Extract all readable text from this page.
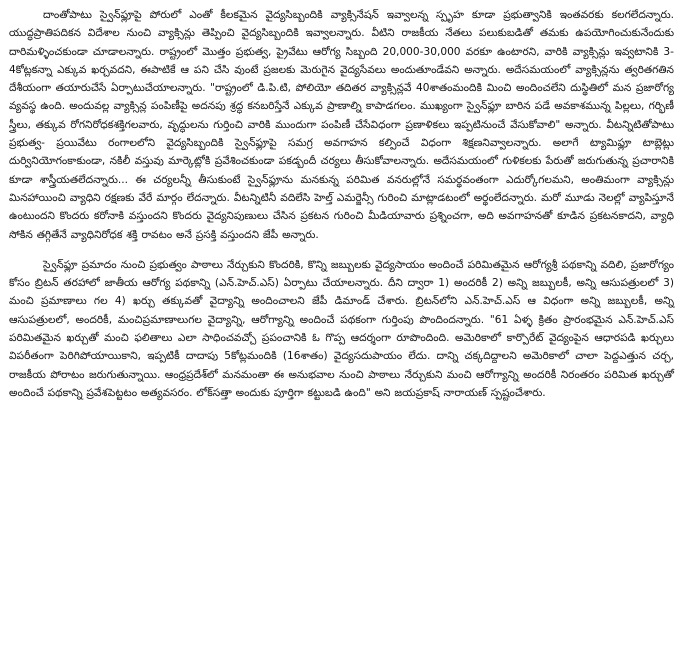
దాంతోపాటు స్వైన్‌ఫ్లూపై పోరులో ఎంతో కీలకమైన వైద్యసిబ్బందికి వ్యాక్సినేషన్ ఇవ్వాలన్న స్పృహ కూడా ప్రభుత్వానికి ఇంతవరకు కలగలేదన్నారు. యుద్ధప్రాతిపదికన విదేశాల నుంచి వ్యాక్సిన్లు తెప్పించి వైద్యసిబ్బందికి ఇవ్వాలన్నారు. వీటిని రాజకీయ నేతలు పలుకుబడితో తమకు ఉపయోగించుకునేందుకు దారిమళ్ళించకుండా చూడాలన్నారు. రాష్ట్రంలో మొత్తం ప్రభుత్వ, ప్రైవేటు ఆరోగ్య సిబ్బంది 20,000-30,000 వరకూ ఉంటారని, వారికి వ్యాక్సిన్లు ఇవ్వటానికి 3-4కోట్లకన్నా ఎక్కువ ఖర్చవదని, ఈపాటికే ఆ పని చేసి వుంటే ప్రజలకు మెరుగైన వైద్యసేవలు అందుతూండేవని అన్నారు. అదేసమయంలో వ్యాక్సిన్లను త్వరితగతిన దేశీయంగా తయారుచేసే ఏర్పాటుచేయాలన్నారు. "రాష్ట్రంలో డి.పి.టి, పోలియో తదితర వ్యాక్సిన్లవే 40శాతంమందికి మించి అందించలేని దుస్థితిలో మన ప్రజారోగ్య వ్యవస్థ ఉంది. అందువల్ల వ్యాక్సిన్ల పంపిణీపై అదనపు శ్రద్ధ కనబరిస్తేనే ఎక్కువ ప్రాణాల్ని కాపాడగలం. ముఖ్యంగా స్వైన్‌ఫ్లూ బారిన పడే అవకాశమున్న పిల్లలు, గర్భిణీ స్త్రీలు, తక్కువ రోగనిరోధకశక్తిగలవారు, వృద్ధులను గుర్తించి వారికి ముందుగా పంపిణీ చేసేవిధంగా ప్రణాళికలు ఇప్పటినుంచే వేసుకోవాలి" అన్నారు. వీటన్నిటితోపాటు ప్రభుత్వ- ప్రయివేటు రంగాలలోని వైద్యసిబ్బందికి స్వైన్‌ఫ్లూపై సమగ్ర అవగాహన కల్పించే విధంగా శిక్షణనివ్వాలన్నారు. అలాగే ట్యామిఫ్లూ టాబ్లెట్లు దుర్వినియోగంకాకుండా, నకిలీ వస్తువు మార్కెట్లోకి ప్రవేశించకుండా పకడ్బందీ చర్యలు తీసుకోవాలన్నారు. అదేసమయంలో గుళికలకు పేరుతో జరుగుతున్న ప్రచారానికి కూడా శాస్త్రీయతలేదన్నారు... ఈ చర్యలన్నీ తీసుకుంటే స్వైన్‌ఫ్లూను మనకున్న పరిమిత వనరుల్లోనే సమర్థవంతంగా ఎదుర్కోగలమని, అంతిమంగా వ్యాక్సిన్లు మినహాయించి వ్యాధిని రక్షణకు వేరే మార్గం లేదన్నారు. వీటన్నిటినీ వదిలేసి హెల్త్ ఎమర్జెన్సీ గురించి మాట్లాడటంలో అర్థంలేదన్నారు. మరో మూడు నెలల్లో వ్యాపిస్తూనే ఉంటుందని కొందరు కరోనాకి వస్తుందని కొందరు వైద్యనిపుణులు చేసిన ప్రకటన గురించి మీడియావారు ప్రశ్నించగా, అది అవగాహనతో కూడిన ప్రకటనకాదని, వ్యాధి సోకిన తగ్గితేనే వ్యాధినిరోధక శక్తి రావటం అనే ప్రసక్తి వస్తుందని జేపీ అన్నారు.

స్వైన్‌ఫ్లూ ప్రమాదం నుంచి ప్రభుత్వం పాఠాలు నేర్చుకుని కొందరికి, కొన్ని జబ్బులకు వైద్యసాయం అందించే పరిమితమైన ఆరోగ్యశ్రీ పథకాన్ని వదిలి, ప్రజారోగ్యం కోసం బ్రిటన్ తరహాలో జాతీయ ఆరోగ్య పథకాన్ని (ఎన్.హెచ్.ఎస్) ఏర్పాటు చేయాలన్నారు. దీని ద్వారా 1) అందరికీ 2) అన్ని జబ్బులకీ, అన్ని ఆసుపత్రులలో 3) మంచి ప్రమాణాలు గల 4) ఖర్చు తక్కువతో వైద్యాన్ని అందించాలని జేపీ డిమాండ్ చేశారు. బ్రిటన్‌లోని ఎన్.హెచ్.ఎస్ ఆ విధంగా అన్ని జబ్బులకీ, అన్ని ఆసుపత్రులలో, అందరికీ, మంచిప్రమాణాలుగల వైద్యాన్ని, ఆరోగ్యాన్ని అందించే పథకంగా గుర్తింపు పొందిందన్నారు. "61 ఏళ్ళ క్రితం ప్రారంభమైన ఎన్.హెచ్.ఎస్ పరిమితమైన ఖర్చుతో మంచి ఫలితాలు ఎలా సాధించవచ్చో ప్రపంచానికి ఓ గొప్ప ఆదర్శంగా రూపొందింది. అమెరికాలో కార్పొరేట్ వైద్యంపైన ఆధారపడి ఖర్చులు విపరీతంగా పెరిగిపోయాయికాని, ఇప్పటికీ దాదాపు 5కోట్లమందికి (16శాతం) వైద్యసదుపాయం లేదు. దాన్ని చక్కదిద్దాలని అమెరికాలో చాలా పెద్దఎత్తున చర్చ, రాజకీయ పోరాటం జరుగుతున్నాయి. ఆంధ్రప్రదేశ్‌లో మనమంతా ఈ అనుభవాల నుంచి పాఠాలు నేర్చుకుని మంచి ఆరోగ్యాన్ని అందరికీ నిరంతరం పరిమిత ఖర్చుతో అందించే పథకాన్ని ప్రవేశపెట్టటం అత్యవసరం. లోక్‌సత్తా అందుకు పూర్తిగా కట్టుబడి ఉంది" అని జయప్రకాష్ నారాయణ్ స్పష్టంచేశారు.
